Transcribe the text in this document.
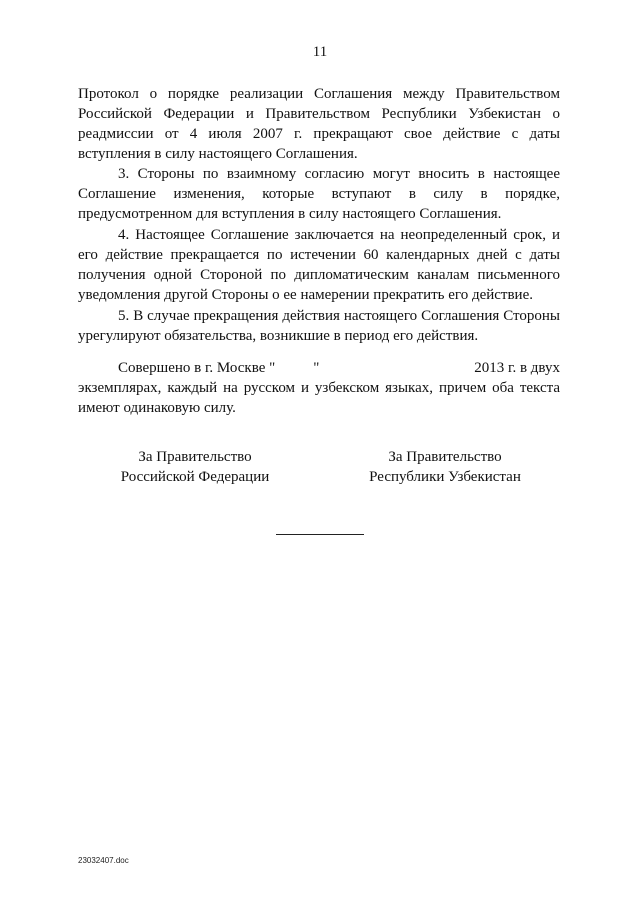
11

Протокол о порядке реализации Соглашения между Правительством Российской Федерации и Правительством Республики Узбекистан о реадмиссии от 4 июля 2007 г. прекращают свое действие с даты вступления в силу настоящего Соглашения.

3. Стороны по взаимному согласию могут вносить в настоящее Соглашение изменения, которые вступают в силу в порядке, предусмотренном для вступления в силу настоящего Соглашения.

4. Настоящее Соглашение заключается на неопределенный срок, и его действие прекращается по истечении 60 календарных дней с даты получения одной Стороной по дипломатическим каналам письменного уведомления другой Стороны о ее намерении прекратить его действие.

5. В случае прекращения действия настоящего Соглашения Стороны урегулируют обязательства, возникшие в период его действия.

Совершено в г. Москве "	"	2013 г. в двух

экземплярах, каждый на русском и узбекском языках, причем оба текста имеют одинаковую силу.

За Правительство
Российской Федерации
За Правительство
Республики Узбекистан
23032407.doc
